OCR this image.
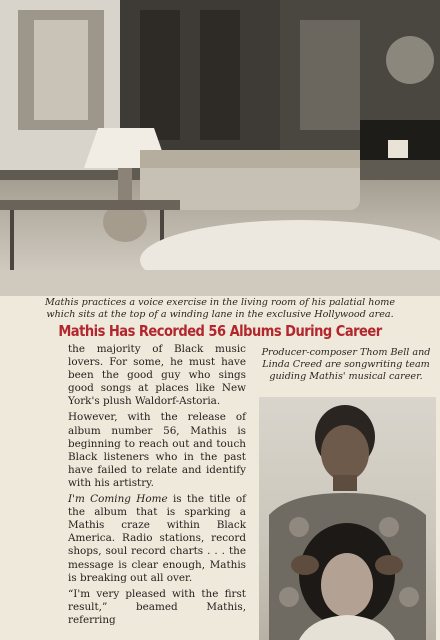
Mathis practices a voice exercise in the living room of his palatial home which sits at the top of a winding lane in the exclusive Hollywood area.
Mathis Has Recorded 56 Albums During Career

the majority of Black music lovers. For some, he must have been the good guy who sings good songs at places like New York's plush Waldorf-Astoria.

However, with the release of album number 56, Mathis is beginning to reach out and touch Black listeners who in the past have failed to relate and identify with his artistry.

I'm Coming Home is the title of the album that is sparking a Mathis craze within Black America. Radio stations, record shops, soul record charts . . . the message is clear enough, Mathis is breaking out all over.

“I'm very pleased with the first result,” beamed Mathis, referring

Producer-composer Thom Bell and Linda Creed are songwriting team guiding Mathis' musical career.
